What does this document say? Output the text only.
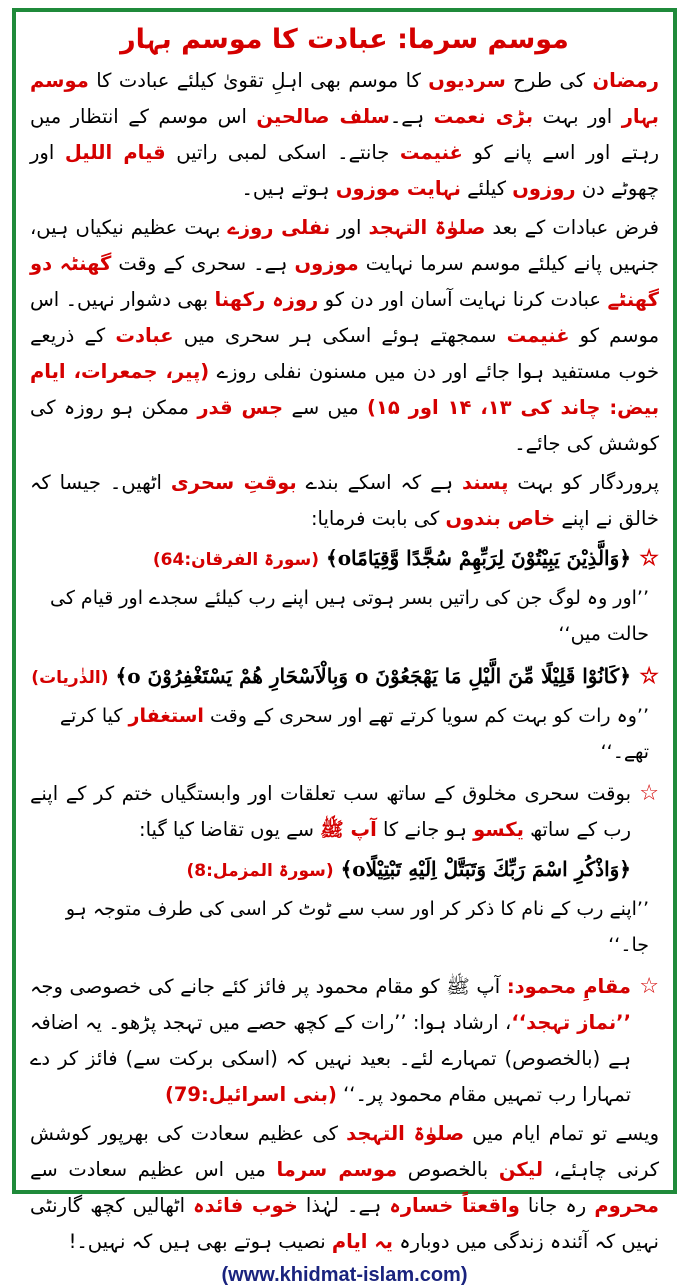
موسم سرما: عبادت کا موسم بہار

رمضان کی طرح سردیوں کا موسم بھی اہلِ تقویٰ کیلئے عبادت کا موسم بہار اور بہت بڑی نعمت ہے۔سلف صالحین اس موسم کے انتظار میں رہتے اور اسے پانے کو غنیمت جانتے۔ اسکی لمبی راتیں قیام اللیل اور چھوٹے دن روزوں کیلئے نہایت موزوں ہوتے ہیں۔

فرض عبادات کے بعد صلوٰۃ التہجد اور نفلی روزے بہت عظیم نیکیاں ہیں، جنہیں پانے کیلئے موسم سرما نہایت موزوں ہے۔ سحری کے وقت گھنٹہ دو گھنٹے عبادت کرنا نہایت آسان اور دن کو روزہ رکھنا بھی دشوار نہیں۔ اس موسم کو غنیمت سمجھتے ہوئے اسکی ہر سحری میں عبادت کے ذریعے خوب مستفید ہوا جائے اور دن میں مسنون نفلی روزے (پیر، جمعرات، ایام بیض: چاند کی ۱۳، ۱۴ اور ۱۵) میں سے جس قدر ممکن ہو روزہ کی کوشش کی جائے۔

پروردگار کو بہت پسند ہے کہ اسکے بندے بوقتِ سحری اٹھیں۔ جیسا کہ خالق نے اپنے خاص بندوں کی بابت فرمایا:

☆
﴿وَالَّذِیْنَ یَبِیْتُوْنَ لِرَبِّهِمْ سُجَّدًا وَّقِیَامًاo﴾ (سورۃ الفرقان:64)
’’اور وہ لوگ جن کی راتیں بسر ہوتی ہیں اپنے رب کیلئے سجدے اور قیام کی حالت میں‘‘
☆
﴿كَانُوْا قَلِيْلًا مِّنَ الَّيْلِ مَا يَهْجَعُوْنَ o وَبِالْاَسْحَارِ هُمْ يَسْتَغْفِرُوْنَ o﴾ (الذٰریات)
’’وہ رات کو بہت کم سویا کرتے تھے اور سحری کے وقت استغفار کیا کرتے تھے۔‘‘
☆
بوقت سحری مخلوق کے ساتھ سب تعلقات اور وابستگیاں ختم کر کے اپنے رب کے ساتھ یکسو ہو جانے کا آپ ﷺ سے یوں تقاضا کیا گیا:
﴿وَاذْكُرِ اسْمَ رَبِّكَ وَتَبَتَّلْ اِلَيْهِ تَبْتِيْلًاo﴾ (سورۃ المزمل:8)
’’اپنے رب کے نام کا ذکر کر اور سب سے ٹوٹ کر اسی کی طرف متوجہ ہو جا۔‘‘
☆
مقامِ محمود: آپ ﷺ کو مقام محمود پر فائز کئے جانے کی خصوصی وجہ ’’نماز تہجد‘‘، ارشاد ہوا: ’’رات کے کچھ حصے میں تہجد پڑھو۔ یہ اضافہ ہے (بالخصوص) تمہارے لئے۔ بعید نہیں کہ (اسکی برکت سے) فائز کر دے تمہارا رب تمہیں مقام محمود پر۔‘‘ (بنی اسرائیل:79)

ویسے تو تمام ایام میں صلوٰۃ التہجد کی عظیم سعادت کی بھرپور کوشش کرنی چاہئے، لیکن بالخصوص موسم سرما میں اس عظیم سعادت سے محروم رہ جانا واقعتاً خسارہ ہے۔ لہٰذا خوب فائدہ اٹھالیں کچھ گارنٹی نہیں کہ آئندہ زندگی میں دوبارہ یہ ایام نصیب ہوتے بھی ہیں کہ نہیں۔!

(www.khidmat-islam.com)
